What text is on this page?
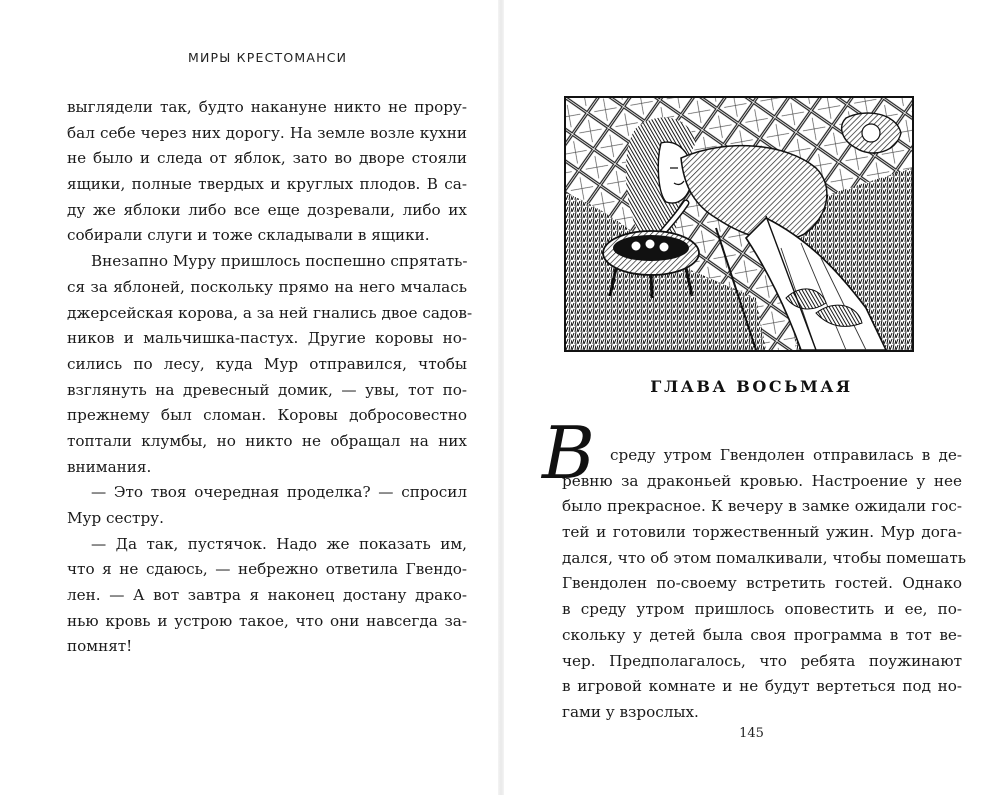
МИРЫ КРЕСТОМАНСИ
выглядели так, будто накануне никто не проpу-
бал себе через них дорогу. На земле возле кухни
не было и следа от яблок, зато во дворе стояли
ящики, полные твердых и круглых плодов. В са-
ду же яблоки либо все еще дозревали, либо их
собирали слуги и тоже складывали в ящики.
Внезапно Муру пришлось поспешно спрятать-
ся за яблоней, поскольку прямо на него мчалась
джерсейская корова, а за ней гнались двое садов-
ников и мальчишка-пастух. Другие коровы но-
сились по лесу, куда Мур отправился, чтобы
взглянуть на древесный домик, — увы, тот по-
прежнему был сломан. Коровы добросовестно
топтали клумбы, но никто не обращал на них
внимания.
— Это твоя очередная проделка? — спросил
Мур сестру.
— Да так, пустячок. Надо же показать им,
что я не сдаюсь, — небрежно ответила Гвендо-
лен. — А вот завтра я наконец достану драко-
нью кровь и устрою такое, что они навсегда за-
помнят!
ГЛАВА ВОСЬМАЯ
В среду утром Гвендолен отправилась в де-
ревню за драконьей кровью. Настроение у нее
было прекрасное. К вечеру в замке ожидали гос-
тей и готовили торжественный ужин. Мур дога-
дался, что об этом помалкивали, чтобы помешать
Гвендолен по-своему встретить гостей. Однако
в среду утром пришлось оповестить и ее, по-
скольку у детей была своя программа в тот ве-
чер. Предполагалось, что ребята поужинают
в игровой комнате и не будут вертеться под но-
гами у взрослых.
145
